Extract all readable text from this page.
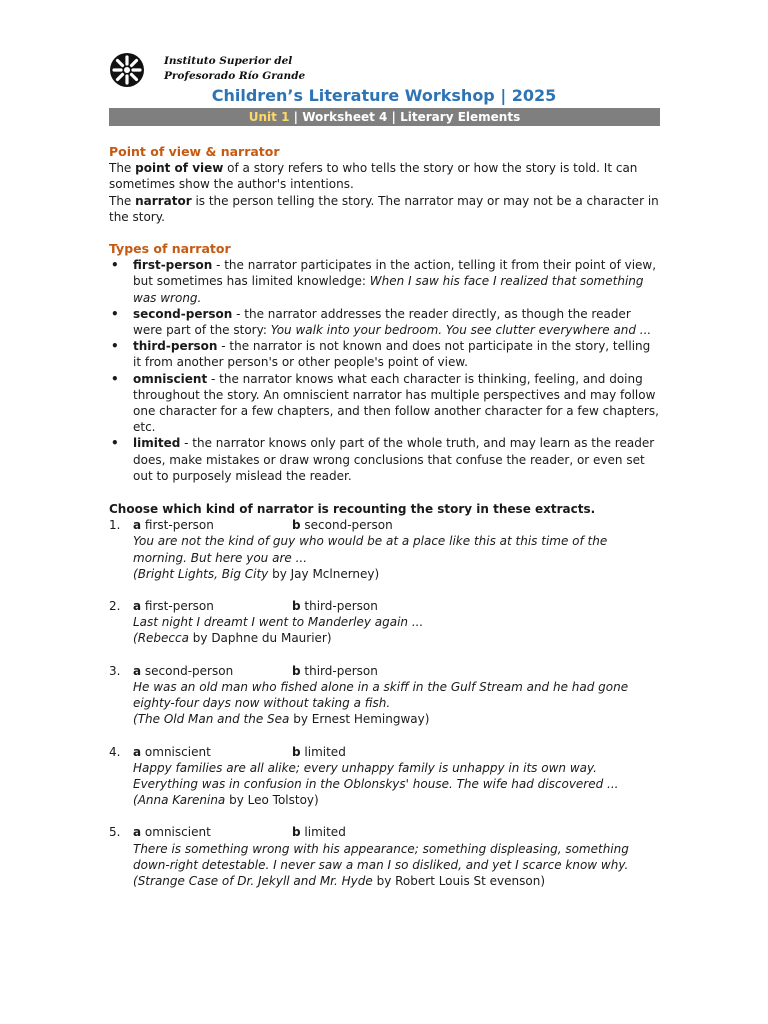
Instituto Superior del
Profesorado Río Grande
Children’s Literature Workshop | 2025
Unit 1 | Worksheet 4 | Literary Elements

Point of view & narrator

The point of view of a story refers to who tells the story or how the story is told. It can sometimes show the author's intentions.

The narrator is the person telling the story. The narrator may or may not be a character in the story.

Types of narrator

• first-person - the narrator participates in the action, telling it from their point of view, but sometimes has limited knowledge: When I saw his face I realized that something was wrong.
• second-person - the narrator addresses the reader directly, as though the reader were part of the story: You walk into your bedroom. You see clutter everywhere and ...
• third-person - the narrator is not known and does not participate in the story, telling it from another person's or other people's point of view.
• omniscient - the narrator knows what each character is thinking, feeling, and doing throughout the story. An omniscient narrator has multiple perspectives and may follow one character for a few chapters, and then follow another character for a few chapters, etc.
• limited - the narrator knows only part of the whole truth, and may learn as the reader does, make mistakes or draw wrong conclusions that confuse the reader, or even set out to purposely mislead the reader.

Choose which kind of narrator is recounting the story in these extracts.

1. a first-person	b second-person
You are not the kind of guy who would be at a place like this at this time of the morning. But here you are ...
(Bright Lights, Big City by Jay Mclnerney)
2. a first-person	b third-person
Last night I dreamt I went to Manderley again ...
(Rebecca by Daphne du Maurier)
3. a second-person	b third-person
He was an old man who fished alone in a skiff in the Gulf Stream and he had gone eighty-four days now without taking a fish.
(The Old Man and the Sea by Ernest Hemingway)
4. a omniscient	b limited
Happy families are all alike; every unhappy family is unhappy in its own way. Everything was in confusion in the Oblonskys' house. The wife had discovered ...
(Anna Karenina by Leo Tolstoy)
5. a omniscient	b limited
There is something wrong with his appearance; something displeasing, something down-right detestable. I never saw a man I so disliked, and yet I scarce know why.
(Strange Case of Dr. Jekyll and Mr. Hyde by Robert Louis St evenson)
